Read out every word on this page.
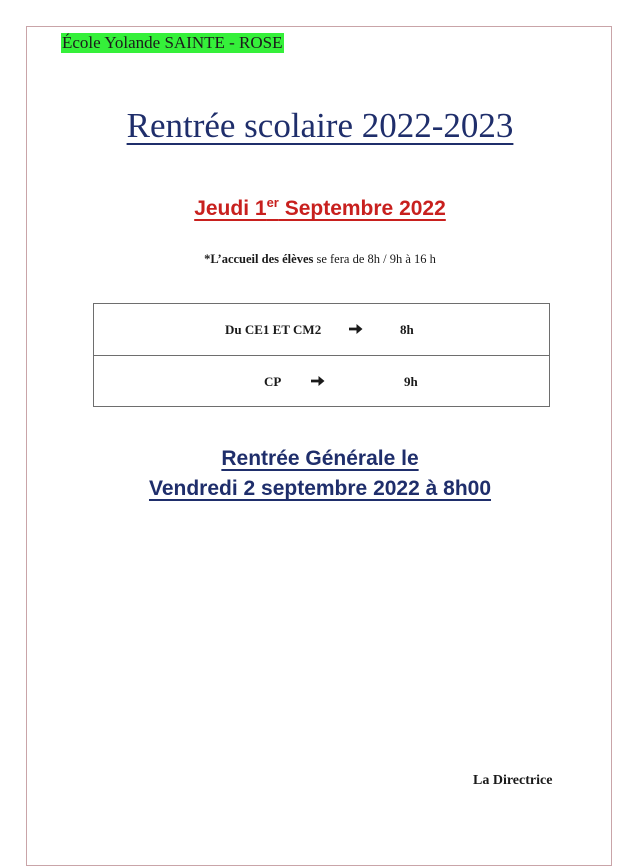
École Yolande SAINTE - ROSE
Rentrée scolaire 2022-2023
Jeudi 1er Septembre 2022
*L’accueil des élèves se fera de 8h / 9h à 16 h
Du CE1 ET CM2	8h
CP	9h
Rentrée Générale le
Vendredi 2 septembre 2022 à 8h00
La Directrice
